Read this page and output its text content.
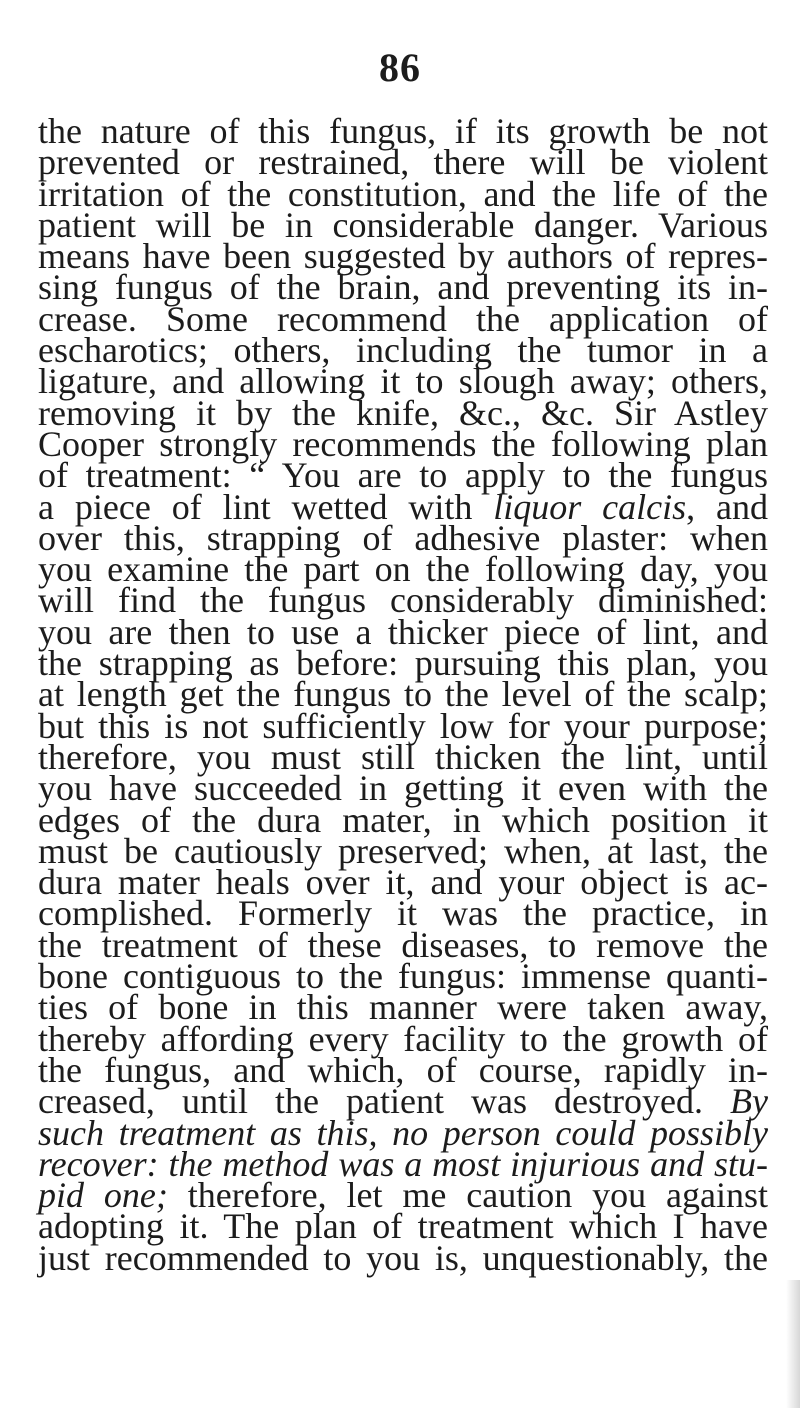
86
the nature of this fungus, if its growth be not
prevented or restrained, there will be violent
irritation of the constitution, and the life of the
patient will be in considerable danger. Various
means have been suggested by authors of repres-
sing fungus of the brain, and preventing its in-
crease. Some recommend the application of
escharotics; others, including the tumor in a
ligature, and allowing it to slough away; others,
removing it by the knife, &c., &c. Sir Astley
Cooper strongly recommends the following plan
of treatment: “ You are to apply to the fungus
a piece of lint wetted with liquor calcis, and
over this, strapping of adhesive plaster: when
you examine the part on the following day, you
will find the fungus considerably diminished:
you are then to use a thicker piece of lint, and
the strapping as before: pursuing this plan, you
at length get the fungus to the level of the scalp;
but this is not sufficiently low for your purpose;
therefore, you must still thicken the lint, until
you have succeeded in getting it even with the
edges of the dura mater, in which position it
must be cautiously preserved; when, at last, the
dura mater heals over it, and your object is ac-
complished. Formerly it was the practice, in
the treatment of these diseases, to remove the
bone contiguous to the fungus: immense quanti-
ties of bone in this manner were taken away,
thereby affording every facility to the growth of
the fungus, and which, of course, rapidly in-
creased, until the patient was destroyed. By
such treatment as this, no person could possibly
recover: the method was a most injurious and stu-
pid one; therefore, let me caution you against
adopting it. The plan of treatment which I have
just recommended to you is, unquestionably, the
